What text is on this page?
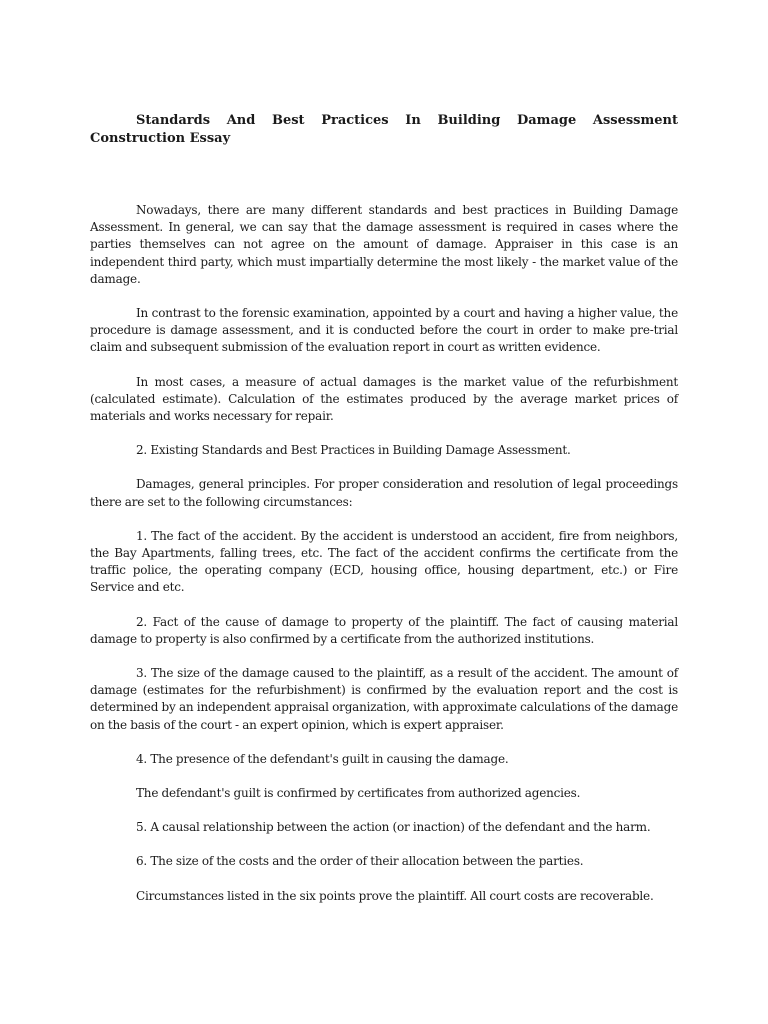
Standards And Best Practices In Building Damage Assessment Construction Essay

Nowadays, there are many different standards and best practices in Building Damage Assessment. In general, we can say that the damage assessment is required in cases where the parties themselves can not agree on the amount of damage. Appraiser in this case is an independent third party, which must impartially determine the most likely - the market value of the damage.

In contrast to the forensic examination, appointed by a court and having a higher value, the procedure is damage assessment, and it is conducted before the court in order to make pre-trial claim and subsequent submission of the evaluation report in court as written evidence.

In most cases, a measure of actual damages is the market value of the refurbishment (calculated estimate). Calculation of the estimates produced by the average market prices of materials and works necessary for repair.

2. Existing Standards and Best Practices in Building Damage Assessment.

Damages, general principles. For proper consideration and resolution of legal proceedings there are set to the following circumstances:

1. The fact of the accident. By the accident is understood an accident, fire from neighbors, the Bay Apartments, falling trees, etc. The fact of the accident confirms the certificate from the traffic police, the operating company (ECD, housing office, housing department, etc.) or Fire Service and etc.

2. Fact of the cause of damage to property of the plaintiff. The fact of causing material damage to property is also confirmed by a certificate from the authorized institutions.

3. The size of the damage caused to the plaintiff, as a result of the accident. The amount of damage (estimates for the refurbishment) is confirmed by the evaluation report and the cost is determined by an independent appraisal organization, with approximate calculations of the damage on the basis of the court - an expert opinion, which is expert appraiser.

4. The presence of the defendant's guilt in causing the damage.

The defendant's guilt is confirmed by certificates from authorized agencies.

5. A causal relationship between the action (or inaction) of the defendant and the harm.

6. The size of the costs and the order of their allocation between the parties.

Circumstances listed in the six points prove the plaintiff. All court costs are recoverable.
